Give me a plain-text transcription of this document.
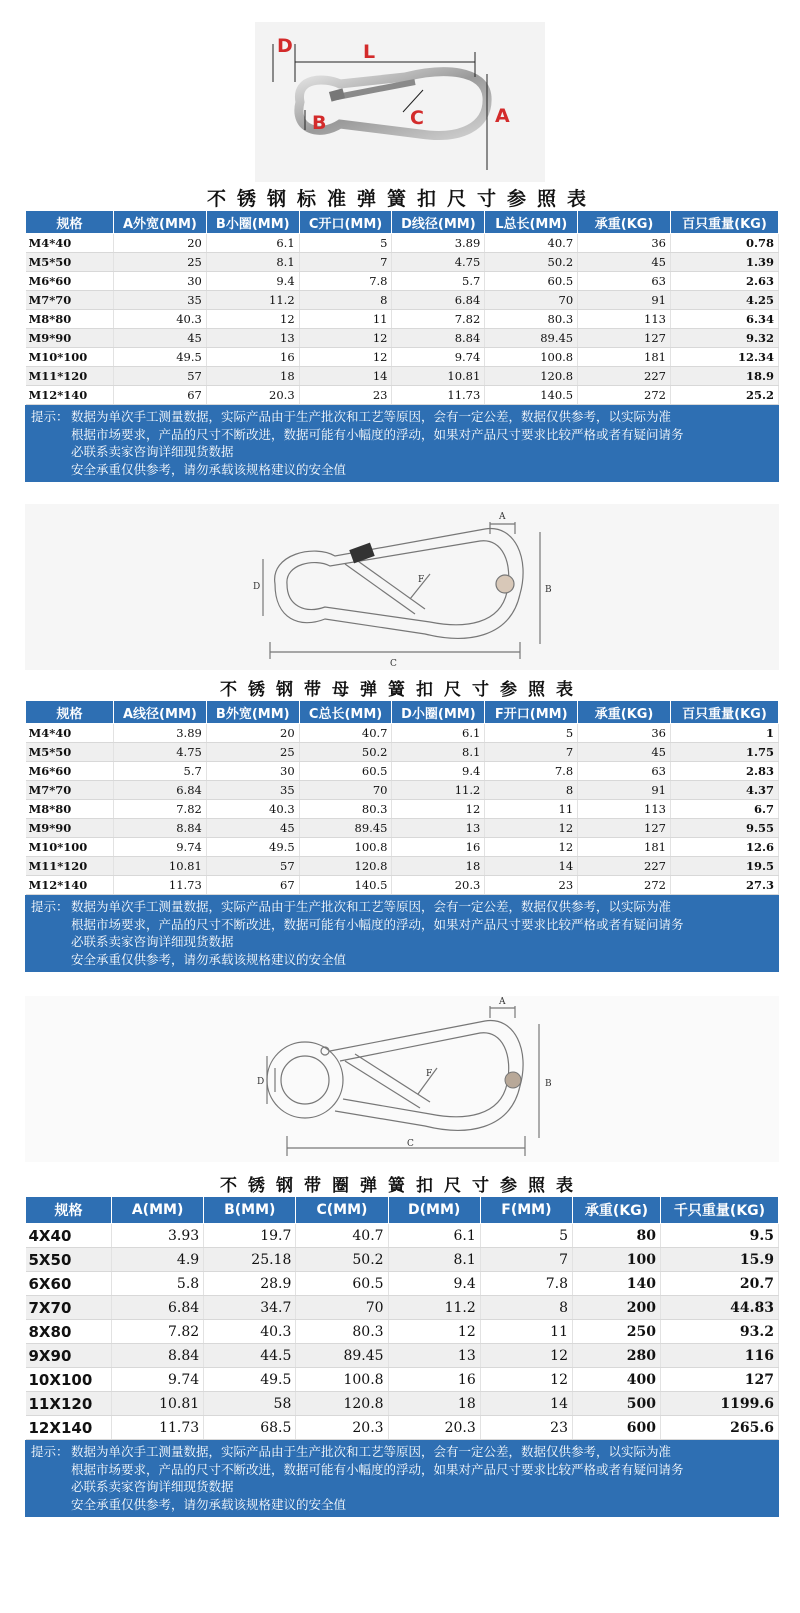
D	L
B	C	A
不锈钢标准弹簧扣尺寸参照表
规格	A外宽(MM)	B小圈(MM)	C开口(MM)	D线径(MM)	L总长(MM)	承重(KG)	百只重量(KG)
M4*40	20	6.1	5	3.89	40.7	36	0.78
M5*50	25	8.1	7	4.75	50.2	45	1.39
M6*60	30	9.4	7.8	5.7	60.5	63	2.63
M7*70	35	11.2	8	6.84	70	91	4.25
M8*80	40.3	12	11	7.82	80.3	113	6.34
M9*90	45	13	12	8.84	89.45	127	9.32
M10*100	49.5	16	12	9.74	100.8	181	12.34
M11*120	57	18	14	10.81	120.8	227	18.9
M12*140	67	20.3	23	11.73	140.5	272	25.2
提示： 数据为单次手工测量数据，实际产品由于生产批次和工艺等原因，会有一定公差，数据仅供参考，以实际为准
根据市场要求，产品的尺寸不断改进，数据可能有小幅度的浮动，如果对产品尺寸要求比较严格或者有疑问请务
必联系卖家咨询详细现货数据
安全承重仅供参考，请勿承载该规格建议的安全值
A
B
C
D
F
不锈钢带母弹簧扣尺寸参照表
规格	A线径(MM)	B外宽(MM)	C总长(MM)	D小圈(MM)	F开口(MM)	承重(KG)	百只重量(KG)
M4*40	3.89	20	40.7	6.1	5	36	1
M5*50	4.75	25	50.2	8.1	7	45	1.75
M6*60	5.7	30	60.5	9.4	7.8	63	2.83
M7*70	6.84	35	70	11.2	8	91	4.37
M8*80	7.82	40.3	80.3	12	11	113	6.7
M9*90	8.84	45	89.45	13	12	127	9.55
M10*100	9.74	49.5	100.8	16	12	181	12.6
M11*120	10.81	57	120.8	18	14	227	19.5
M12*140	11.73	67	140.5	20.3	23	272	27.3
提示： 数据为单次手工测量数据，实际产品由于生产批次和工艺等原因，会有一定公差，数据仅供参考，以实际为准
根据市场要求，产品的尺寸不断改进，数据可能有小幅度的浮动，如果对产品尺寸要求比较严格或者有疑问请务
必联系卖家咨询详细现货数据
安全承重仅供参考，请勿承载该规格建议的安全值
A
B
C
D
F
不锈钢带圈弹簧扣尺寸参照表
规格	A(MM)	B(MM)	C(MM)	D(MM)	F(MM)	承重(KG)	千只重量(KG)
4X40	3.93	19.7	40.7	6.1	5	80	9.5
5X50	4.9	25.18	50.2	8.1	7	100	15.9
6X60	5.8	28.9	60.5	9.4	7.8	140	20.7
7X70	6.84	34.7	70	11.2	8	200	44.83
8X80	7.82	40.3	80.3	12	11	250	93.2
9X90	8.84	44.5	89.45	13	12	280	116
10X100	9.74	49.5	100.8	16	12	400	127
11X120	10.81	58	120.8	18	14	500	1199.6
12X140	11.73	68.5	20.3	20.3	23	600	265.6
提示： 数据为单次手工测量数据，实际产品由于生产批次和工艺等原因，会有一定公差，数据仅供参考，以实际为准
根据市场要求，产品的尺寸不断改进，数据可能有小幅度的浮动，如果对产品尺寸要求比较严格或者有疑问请务
必联系卖家咨询详细现货数据
安全承重仅供参考，请勿承载该规格建议的安全值
